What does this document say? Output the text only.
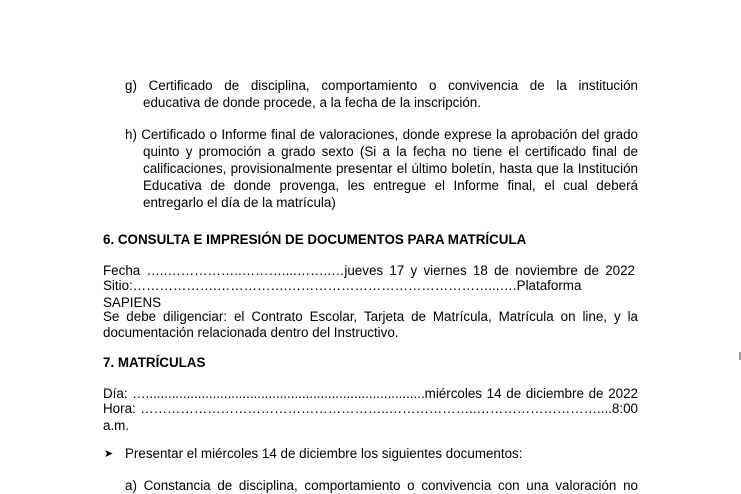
g) Certificado de disciplina, comportamiento o convivencia de la institución
educativa de donde procede, a la fecha de la inscripción.
h) Certificado o Informe final de valoraciones, donde exprese la aprobación del grado
quinto y promoción a grado sexto (Si a la fecha no tiene el certificado final de
calificaciones, provisionalmente presentar el último boletín, hasta que la Institución
Educativa de donde provenga, les entregue el Informe final, el cual deberá
entregarlo el día de la matrícula)
6. CONSULTA E IMPRESIÓN DE DOCUMENTOS PARA MATRÍCULA
Fecha …..……………..………....……..…jueves 17 y viernes 18 de noviembre de 2022
Sitio:……………….…………….………………………………………...….Plataforma SAPIENS
Se debe diligenciar: el Contrato Escolar, Tarjeta de Matrícula, Matrícula on line, y la
documentación relacionada dentro del Instructivo.
7. MATRÍCULAS
Día: …...........................................................................miércoles 14 de diciembre de 2022
Hora: ………………………………………………..………………..………………………....8:00 a.m.
➤ Presentar el miércoles 14 de diciembre los siguientes documentos:
a) Constancia de disciplina, comportamiento o convivencia con una valoración no
